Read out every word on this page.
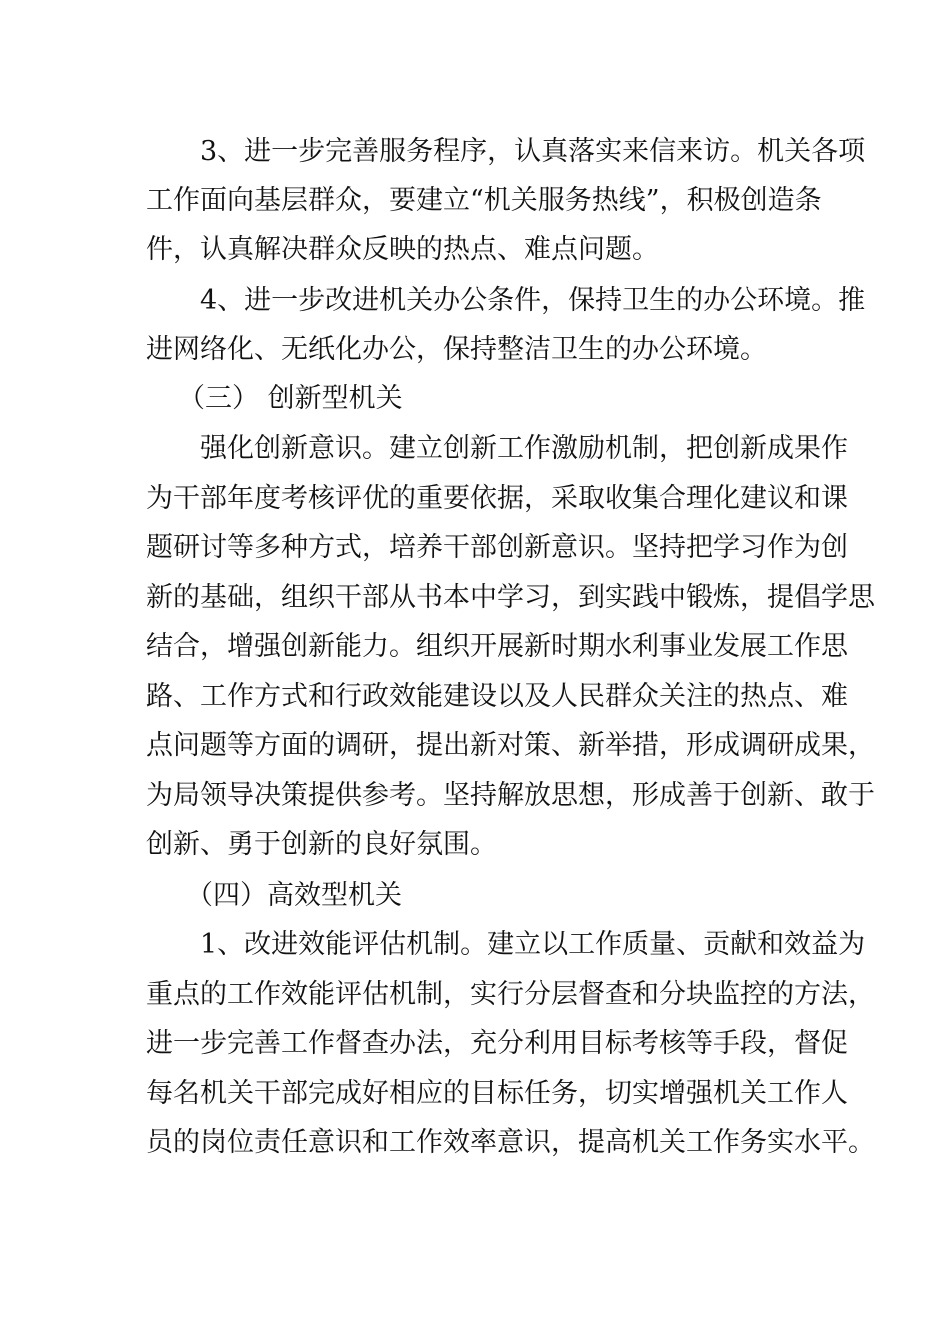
3、进一步完善服务程序，认真落实来信来访。机关各项
工作面向基层群众，要建立“机关服务热线”，积极创造条
件，认真解决群众反映的热点、难点问题。
4、进一步改进机关办公条件，保持卫生的办公环境。推
进网络化、无纸化办公，保持整洁卫生的办公环境。
（三） 创新型机关
强化创新意识。建立创新工作激励机制，把创新成果作
为干部年度考核评优的重要依据，采取收集合理化建议和课
题研讨等多种方式，培养干部创新意识。坚持把学习作为创
新的基础，组织干部从书本中学习，到实践中锻炼，提倡学思
结合，增强创新能力。组织开展新时期水利事业发展工作思
路、工作方式和行政效能建设以及人民群众关注的热点、难
点问题等方面的调研，提出新对策、新举措，形成调研成果，
为局领导决策提供参考。坚持解放思想，形成善于创新、敢于
创新、勇于创新的良好氛围。
（四）高效型机关
1、改进效能评估机制。建立以工作质量、贡献和效益为
重点的工作效能评估机制，实行分层督查和分块监控的方法，
进一步完善工作督查办法，充分利用目标考核等手段，督促
每名机关干部完成好相应的目标任务，切实增强机关工作人
员的岗位责任意识和工作效率意识，提高机关工作务实水平。
